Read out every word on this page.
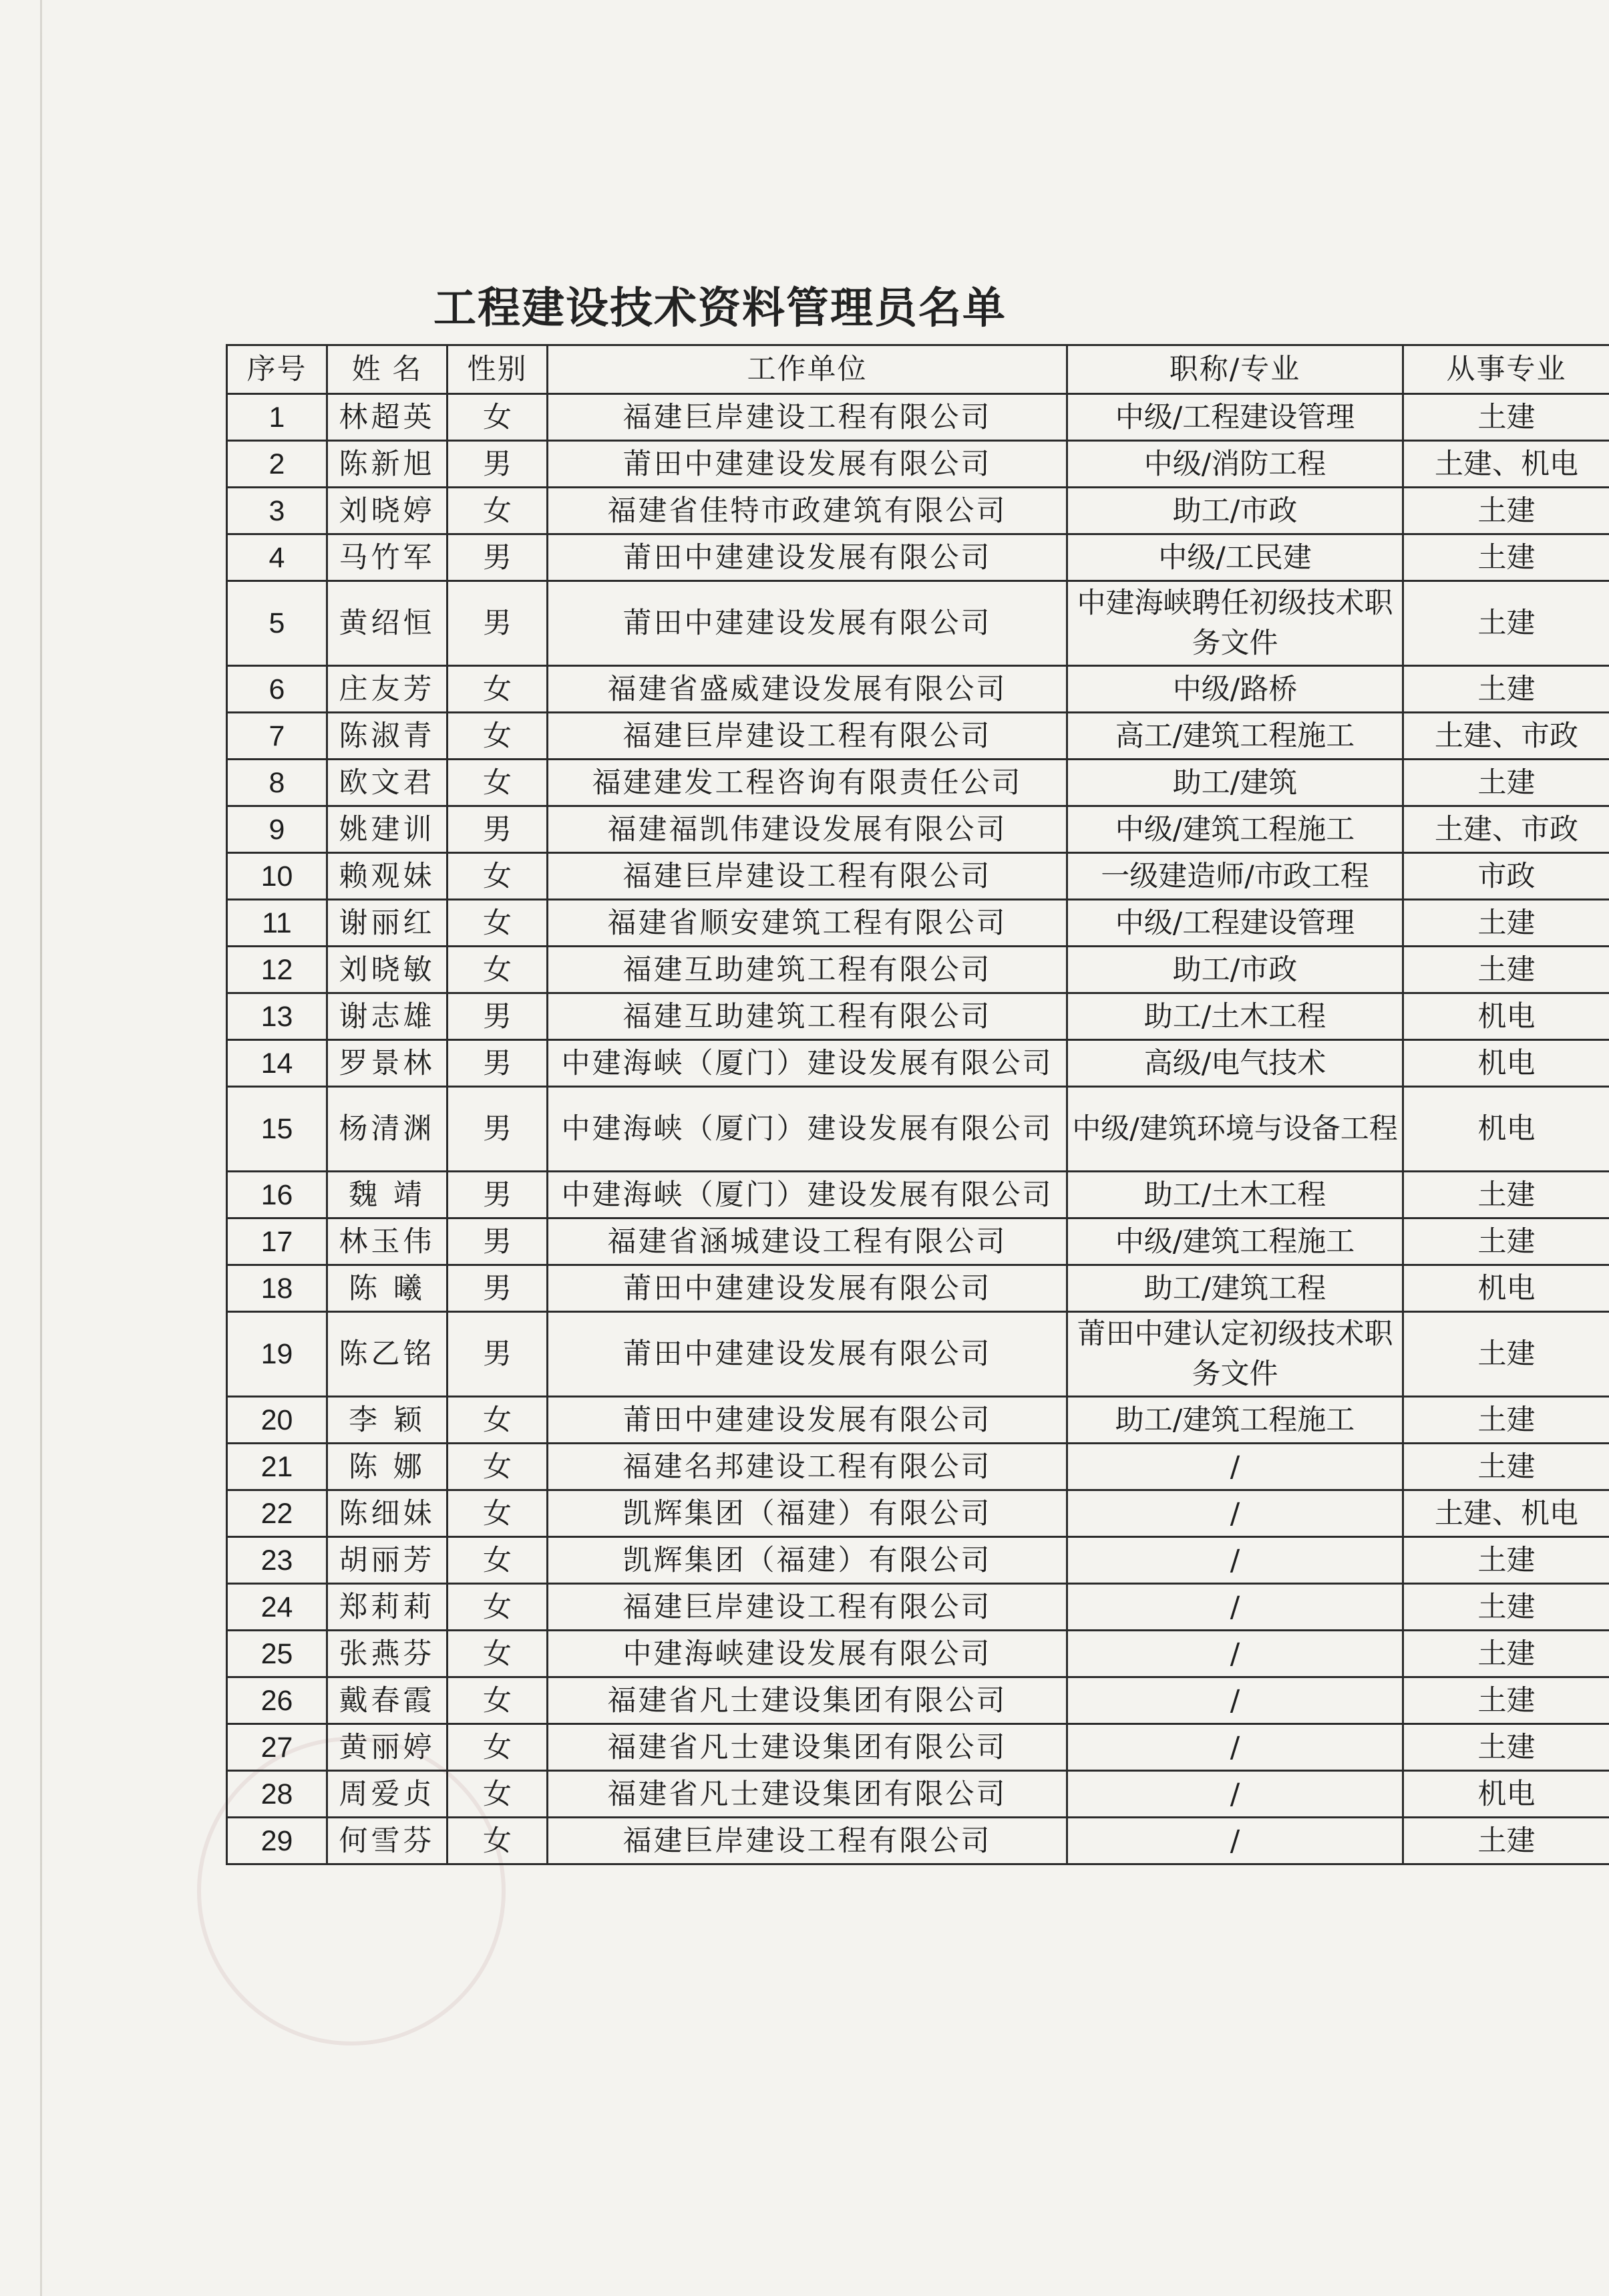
工程建设技术资料管理员名单
序号	姓 名	性别	工作单位	职称/专业	从事专业
1	林超英	女	福建巨岸建设工程有限公司	中级/工程建设管理	土建
2	陈新旭	男	莆田中建建设发展有限公司	中级/消防工程	土建、机电
3	刘晓婷	女	福建省佳特市政建筑有限公司	助工/市政	土建
4	马竹军	男	莆田中建建设发展有限公司	中级/工民建	土建
5	黄绍恒	男	莆田中建建设发展有限公司	中建海峡聘任初级技术职务文件	土建
6	庄友芳	女	福建省盛威建设发展有限公司	中级/路桥	土建
7	陈淑青	女	福建巨岸建设工程有限公司	高工/建筑工程施工	土建、市政
8	欧文君	女	福建建发工程咨询有限责任公司	助工/建筑	土建
9	姚建训	男	福建福凯伟建设发展有限公司	中级/建筑工程施工	土建、市政
10	赖观妹	女	福建巨岸建设工程有限公司	一级建造师/市政工程	市政
11	谢丽红	女	福建省顺安建筑工程有限公司	中级/工程建设管理	土建
12	刘晓敏	女	福建互助建筑工程有限公司	助工/市政	土建
13	谢志雄	男	福建互助建筑工程有限公司	助工/土木工程	机电
14	罗景林	男	中建海峡（厦门）建设发展有限公司	高级/电气技术	机电
15	杨清渊	男	中建海峡（厦门）建设发展有限公司	中级/建筑环境与设备工程	机电
16	魏 靖	男	中建海峡（厦门）建设发展有限公司	助工/土木工程	土建
17	林玉伟	男	福建省涵城建设工程有限公司	中级/建筑工程施工	土建
18	陈 曦	男	莆田中建建设发展有限公司	助工/建筑工程	机电
19	陈乙铭	男	莆田中建建设发展有限公司	莆田中建认定初级技术职务文件	土建
20	李 颖	女	莆田中建建设发展有限公司	助工/建筑工程施工	土建
21	陈 娜	女	福建名邦建设工程有限公司	/	土建
22	陈细妹	女	凯辉集团（福建）有限公司	/	土建、机电
23	胡丽芳	女	凯辉集团（福建）有限公司	/	土建
24	郑莉莉	女	福建巨岸建设工程有限公司	/	土建
25	张燕芬	女	中建海峡建设发展有限公司	/	土建
26	戴春霞	女	福建省凡士建设集团有限公司	/	土建
27	黄丽婷	女	福建省凡士建设集团有限公司	/	土建
28	周爱贞	女	福建省凡士建设集团有限公司	/	机电
29	何雪芬	女	福建巨岸建设工程有限公司	/	土建
